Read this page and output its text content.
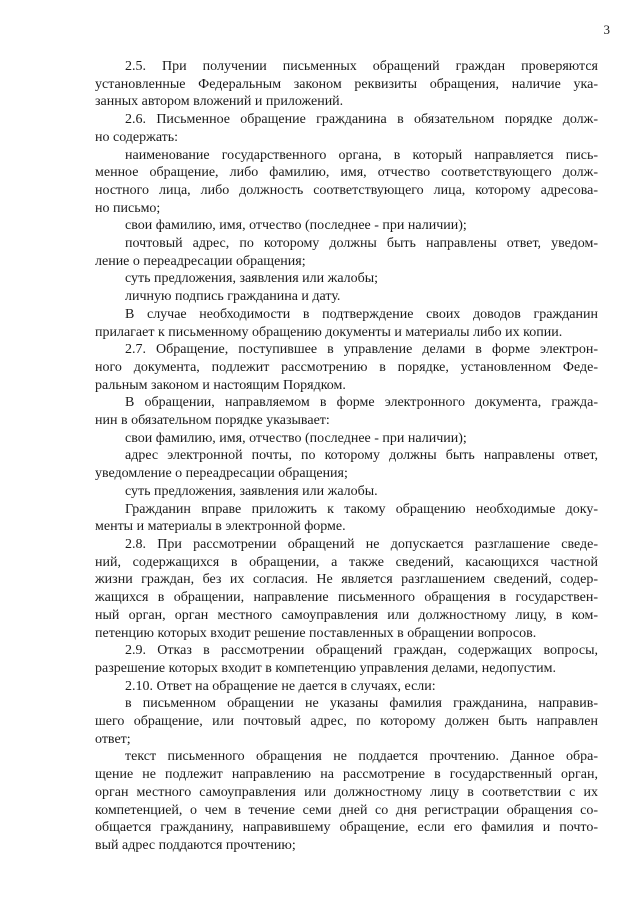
3
2.5. При получении письменных обращений граждан проверяются
установленные Федеральным законом реквизиты обращения, наличие ука-
занных автором вложений и приложений.
2.6. Письменное обращение гражданина в обязательном порядке долж-
но содержать:
наименование государственного органа, в который направляется пись-
менное обращение, либо фамилию, имя, отчество соответствующего долж-
ностного лица, либо должность соответствующего лица, которому адресова-
но письмо;
свои фамилию, имя, отчество (последнее - при наличии);
почтовый адрес, по которому должны быть направлены ответ, уведом-
ление о переадресации обращения;
суть предложения, заявления или жалобы;
личную подпись гражданина и дату.
В случае необходимости в подтверждение своих доводов гражданин
прилагает к письменному обращению документы и материалы либо их копии.
2.7. Обращение, поступившее в управление делами в форме электрон-
ного документа, подлежит рассмотрению в порядке, установленном Феде-
ральным законом и настоящим Порядком.
В обращении, направляемом в форме электронного документа, гражда-
нин в обязательном порядке указывает:
свои фамилию, имя, отчество (последнее - при наличии);
адрес электронной почты, по которому должны быть направлены ответ,
уведомление о переадресации обращения;
суть предложения, заявления или жалобы.
Гражданин вправе приложить к такому обращению необходимые доку-
менты и материалы в электронной форме.
2.8. При рассмотрении обращений не допускается разглашение сведе-
ний, содержащихся в обращении, а также сведений, касающихся частной
жизни граждан, без их согласия. Не является разглашением сведений, содер-
жащихся в обращении, направление письменного обращения в государствен-
ный орган, орган местного самоуправления или должностному лицу, в ком-
петенцию которых входит решение поставленных в обращении вопросов.
2.9. Отказ в рассмотрении обращений граждан, содержащих вопросы,
разрешение которых входит в компетенцию управления делами, недопустим.
2.10. Ответ на обращение не дается в случаях, если:
в письменном обращении не указаны фамилия гражданина, направив-
шего обращение, или почтовый адрес, по которому должен быть направлен
ответ;
текст письменного обращения не поддается прочтению. Данное обра-
щение не подлежит направлению на рассмотрение в государственный орган,
орган местного самоуправления или должностному лицу в соответствии с их
компетенцией, о чем в течение семи дней со дня регистрации обращения со-
общается гражданину, направившему обращение, если его фамилия и почто-
вый адрес поддаются прочтению;
